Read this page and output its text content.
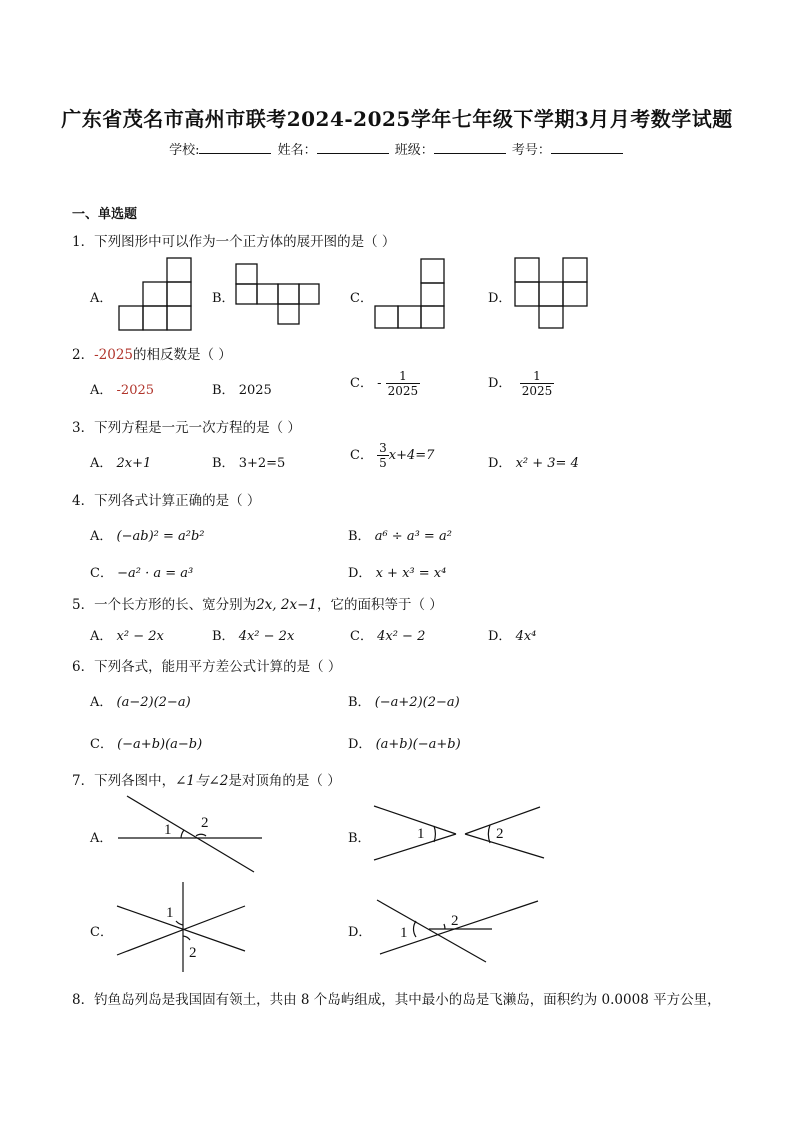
广东省茂名市高州市联考2024-2025学年七年级下学期3月月考数学试题
学校:	姓名：	班级：	考号：
一、单选题
1．下列图形中可以作为一个正方体的展开图的是（ ）
A．	B．	C．	D．
2．-2025的相反数是（ ）
A． -2025	B． 2025	C． - $\frac{1}{2025}$	D． $\frac{1}{2025}$
3．下列方程是一元一次方程的是（ ）
A． 2x+1	B． 3+2=5
C． $\frac{3}{5} x+4=7$
D． x² + 3= 4
4．下列各式计算正确的是（ ）
A． (−ab)² = a²b²	B． a⁶ ÷ a³ = a²
C． −a² · a = a³	D． x + x³ = x⁴
5．一个长方形的长、宽分别为2x, 2x−1，它的面积等于（ ）
A． x² − 2x	B． 4x² − 2x	C． 4x² − 2	D． 4x⁴
6．下列各式，能用平方差公式计算的是（ ）
A． (a−2)(2−a)	B． (−a+2)(2−a)
C． (−a+b)(a−b)	D． (a+b)(−a+b)
7．下列各图中，∠1与∠2是对顶角的是（ ）
A．	B．
C．	D．
1 2
1	2
1
2
1
2
8．钓鱼岛列岛是我国固有领土，共由 8 个岛屿组成，其中最小的岛是飞濑岛，面积约为 0.0008 平方公里，
